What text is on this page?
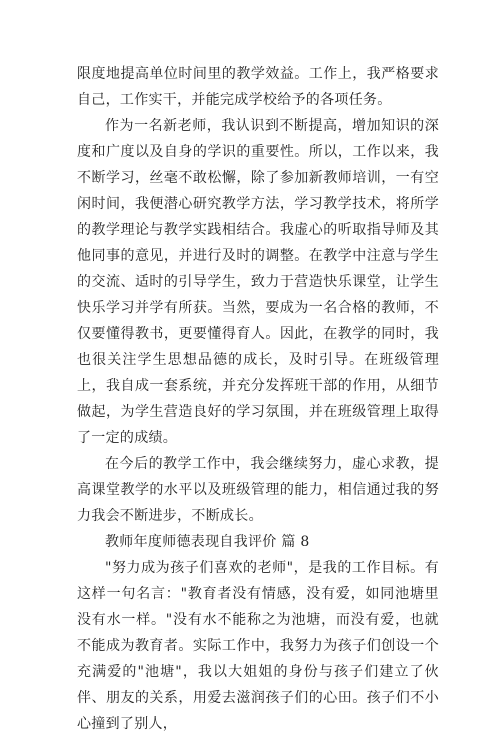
限度地提高单位时间里的教学效益。工作上，我严格要求自己，工作实干，并能完成学校给予的各项任务。

作为一名新老师，我认识到不断提高，增加知识的深度和广度以及自身的学识的重要性。所以，工作以来，我不断学习，丝毫不敢松懈，除了参加新教师培训，一有空闲时间，我便潜心研究教学方法，学习教学技术，将所学的教学理论与教学实践相结合。我虚心的听取指导师及其他同事的意见，并进行及时的调整。在教学中注意与学生的交流、适时的引导学生，致力于营造快乐课堂，让学生快乐学习并学有所获。当然，要成为一名合格的教师，不仅要懂得教书，更要懂得育人。因此，在教学的同时，我也很关注学生思想品德的成长，及时引导。在班级管理上，我自成一套系统，并充分发挥班干部的作用，从细节做起，为学生营造良好的学习氛围，并在班级管理上取得了一定的成绩。

在今后的教学工作中，我会继续努力，虚心求教，提高课堂教学的水平以及班级管理的能力，相信通过我的努力我会不断进步，不断成长。

教师年度师德表现自我评价 篇 8

"努力成为孩子们喜欢的老师"，是我的工作目标。有这样一句名言："教育者没有情感，没有爱，如同池塘里没有水一样。"没有水不能称之为池塘，而没有爱，也就不能成为教育者。实际工作中，我努力为孩子们创设一个充满爱的"池塘"，我以大姐姐的身份与孩子们建立了伙伴、朋友的关系，用爱去滋润孩子们的心田。孩子们不小心撞到了别人，
